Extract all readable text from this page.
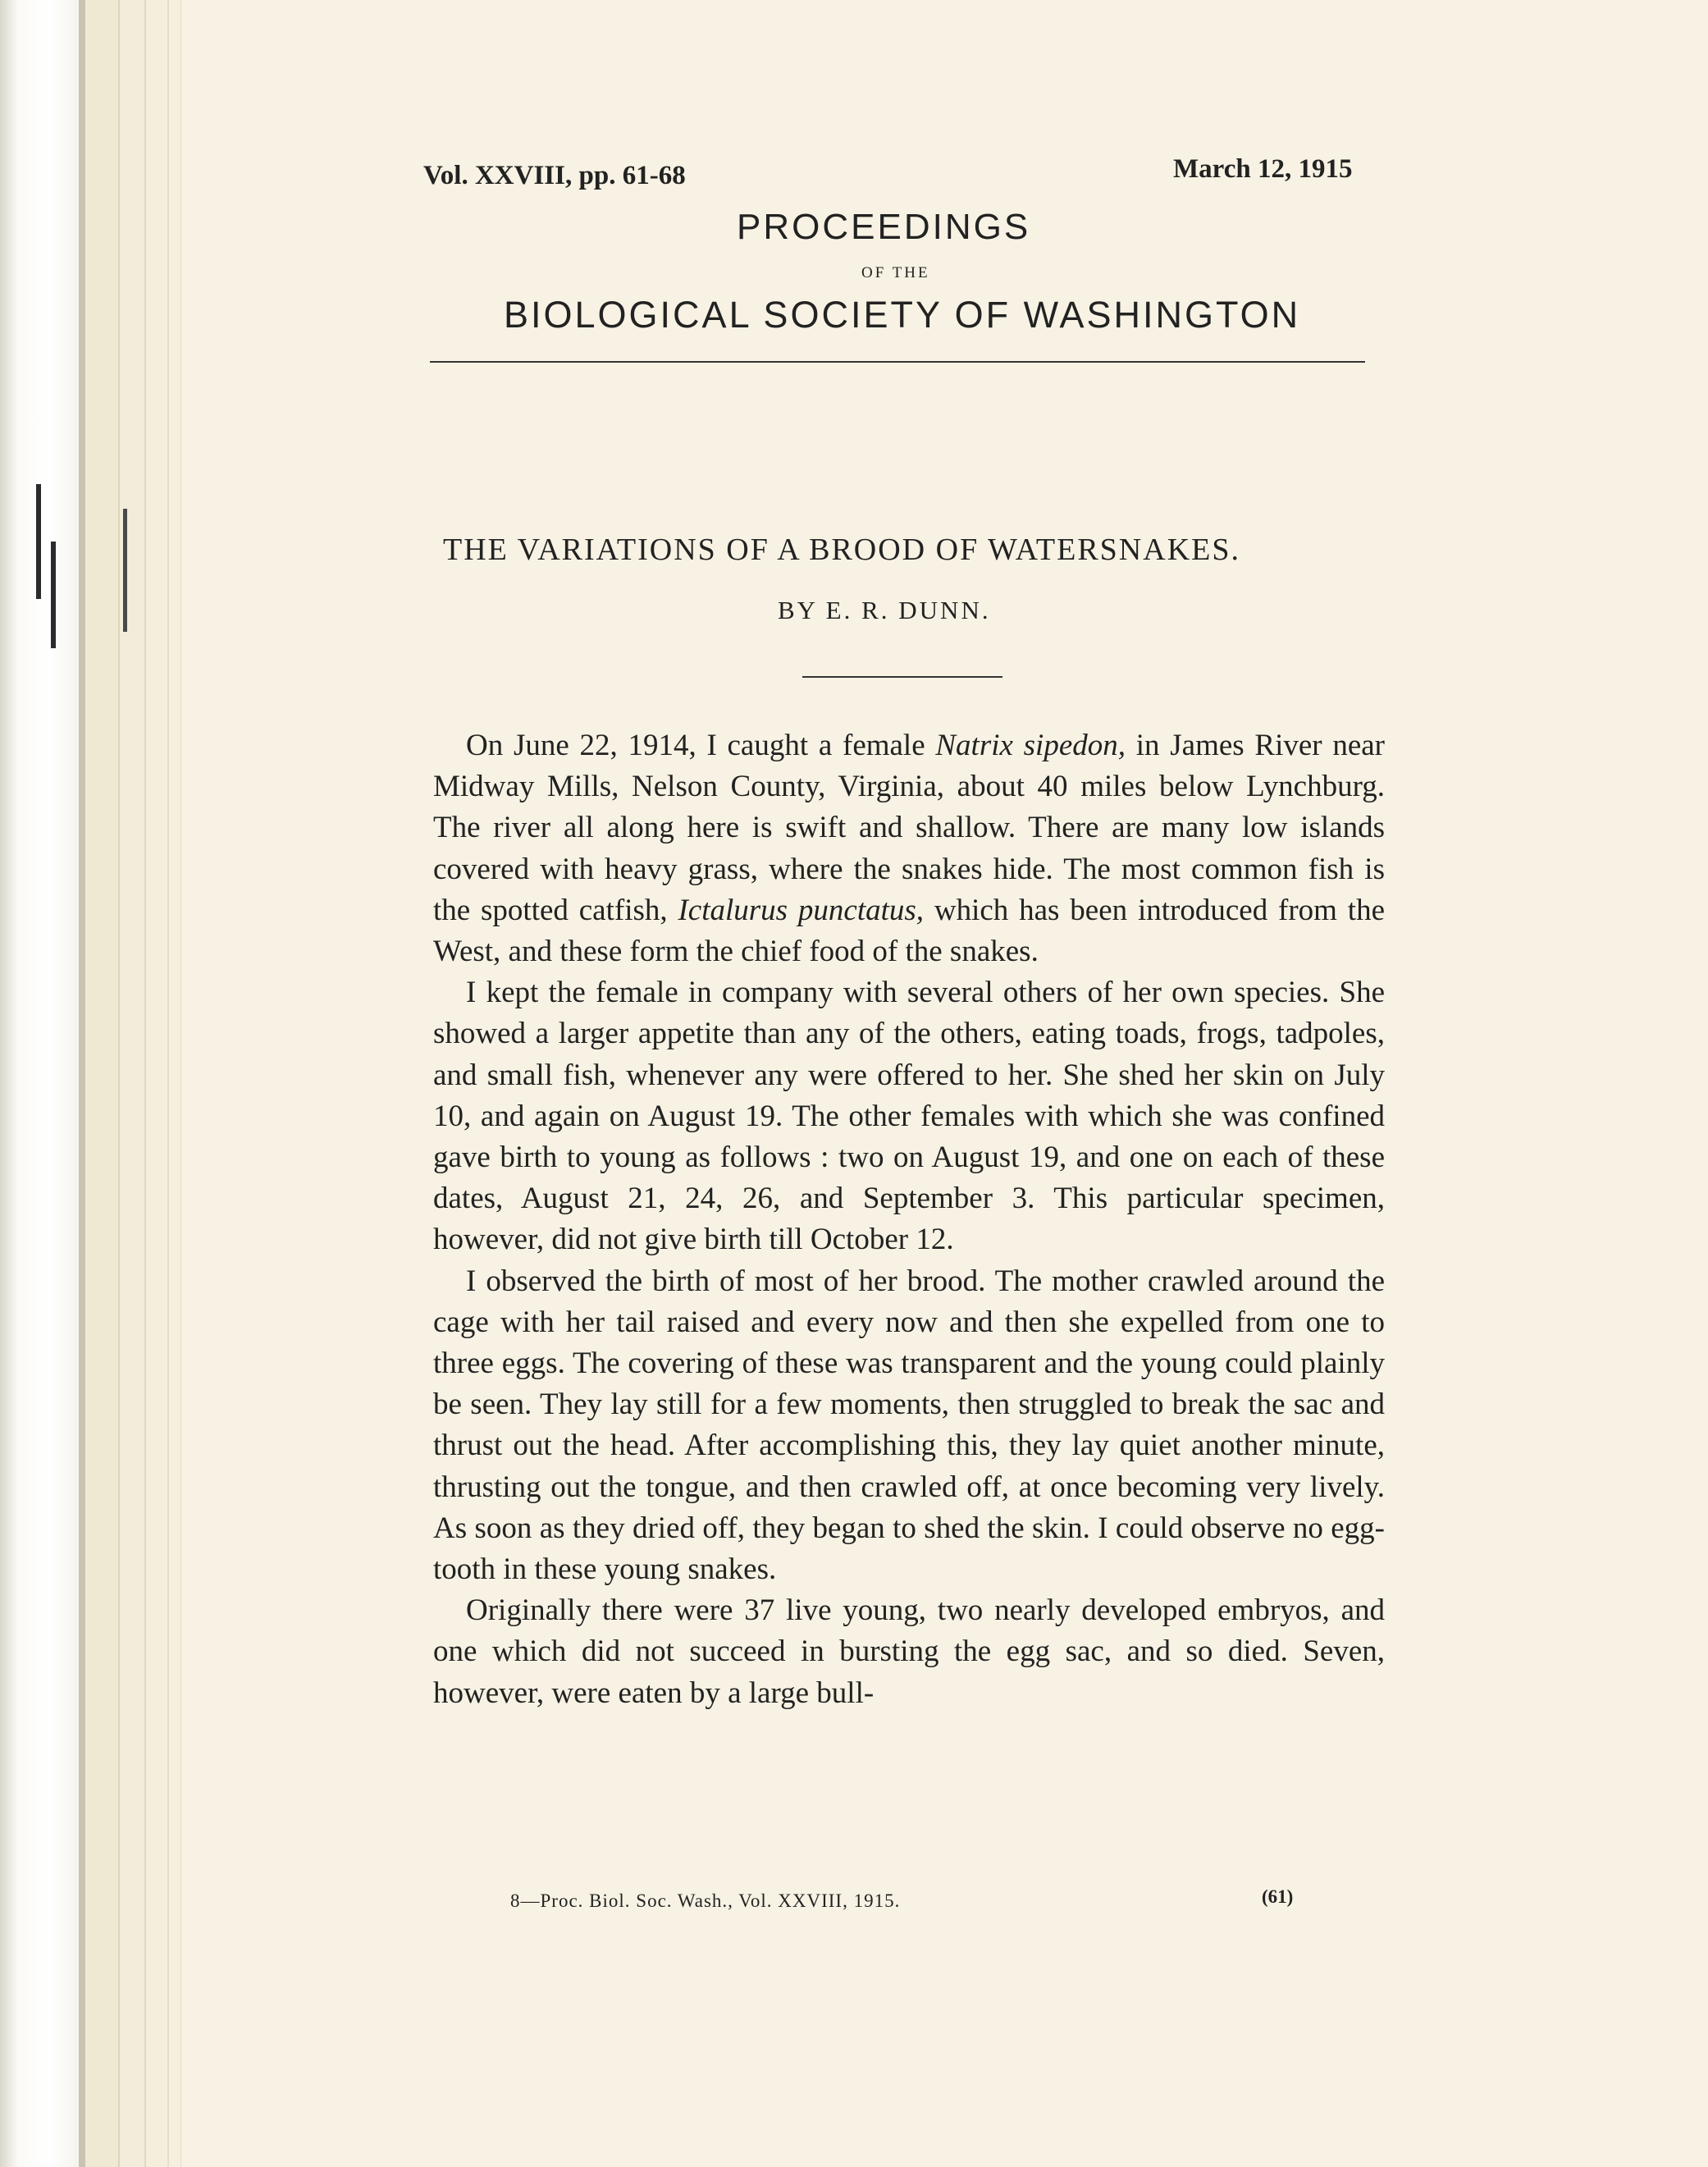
Vol. XXVIII, pp. 61-68	March 12, 1915
PROCEEDINGS
OF THE
BIOLOGICAL SOCIETY OF WASHINGTON
THE VARIATIONS OF A BROOD OF WATERSNAKES.
BY E. R. DUNN.

On June 22, 1914, I caught a female Natrix sipedon, in James River near Midway Mills, Nelson County, Virginia, about 40 miles below Lynchburg. The river all along here is swift and shallow. There are many low islands covered with heavy grass, where the snakes hide. The most common fish is the spotted catfish, Ictalurus punctatus, which has been introduced from the West, and these form the chief food of the snakes.

I kept the female in company with several others of her own species. She showed a larger appetite than any of the others, eating toads, frogs, tadpoles, and small fish, whenever any were offered to her. She shed her skin on July 10, and again on August 19. The other females with which she was confined gave birth to young as follows : two on August 19, and one on each of these dates, August 21, 24, 26, and September 3. This particular specimen, however, did not give birth till October 12.

I observed the birth of most of her brood. The mother crawled around the cage with her tail raised and every now and then she expelled from one to three eggs. The covering of these was transparent and the young could plainly be seen. They lay still for a few moments, then struggled to break the sac and thrust out the head. After accomplishing this, they lay quiet another minute, thrusting out the tongue, and then crawled off, at once becoming very lively. As soon as they dried off, they began to shed the skin. I could observe no egg-tooth in these young snakes.

Originally there were 37 live young, two nearly developed embryos, and one which did not succeed in bursting the egg sac, and so died. Seven, however, were eaten by a large bull-

8—Proc. Biol. Soc. Wash., Vol. XXVIII, 1915.	(61)
